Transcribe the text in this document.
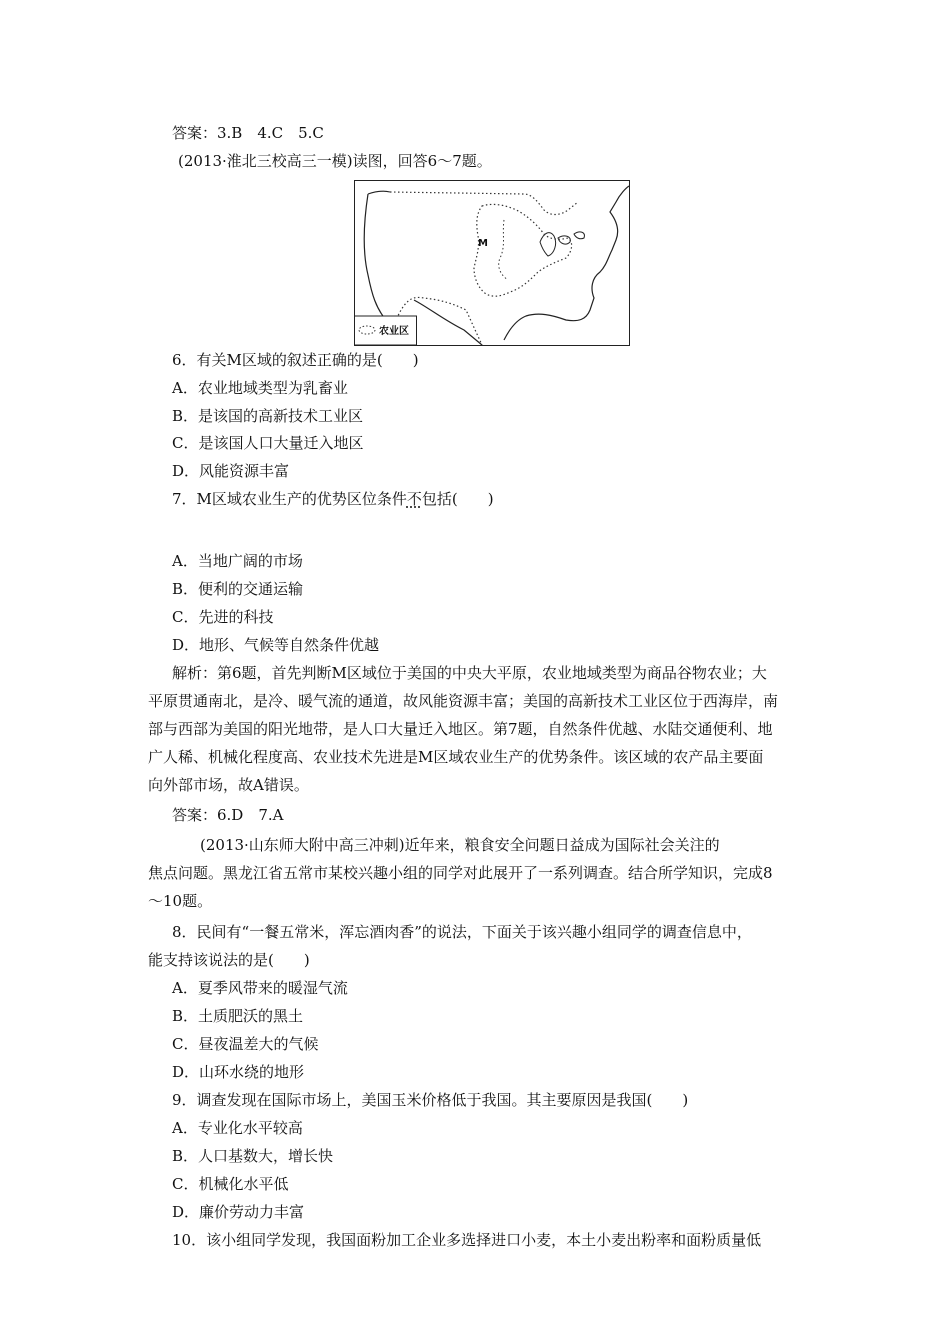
答案：3.B　4.C　5.C
(2013·淮北三校高三一模)读图，回答6～7题。
M
农业区
6．有关M区域的叙述正确的是(　　)
A．农业地域类型为乳畜业
B．是该国的高新技术工业区
C．是该国人口大量迁入地区
D．风能资源丰富
7．M区域农业生产的优势区位条件不包括(　　)
A．当地广阔的市场
B．便利的交通运输
C．先进的科技
D．地形、气候等自然条件优越
解析：第6题，首先判断M区域位于美国的中央大平原，农业地域类型为商品谷物农业；大
平原贯通南北，是冷、暖气流的通道，故风能资源丰富；美国的高新技术工业区位于西海岸，南
部与西部为美国的阳光地带，是人口大量迁入地区。第7题，自然条件优越、水陆交通便利、地
广人稀、机械化程度高、农业技术先进是M区域农业生产的优势条件。该区域的农产品主要面
向外部市场，故A错误。
答案：6.D　7.A
(2013·山东师大附中高三冲刺)近年来，粮食安全问题日益成为国际社会关注的
焦点问题。黑龙江省五常市某校兴趣小组的同学对此展开了一系列调查。结合所学知识，完成8
～10题。
8．民间有“一餐五常米，浑忘酒肉香”的说法，下面关于该兴趣小组同学的调查信息中，
能支持该说法的是(　　)
A．夏季风带来的暖湿气流
B．土质肥沃的黑土
C．昼夜温差大的气候
D．山环水绕的地形
9．调查发现在国际市场上，美国玉米价格低于我国。其主要原因是我国(　　)
A．专业化水平较高
B．人口基数大，增长快
C．机械化水平低
D．廉价劳动力丰富
10．该小组同学发现，我国面粉加工企业多选择进口小麦，本土小麦出粉率和面粉质量低
